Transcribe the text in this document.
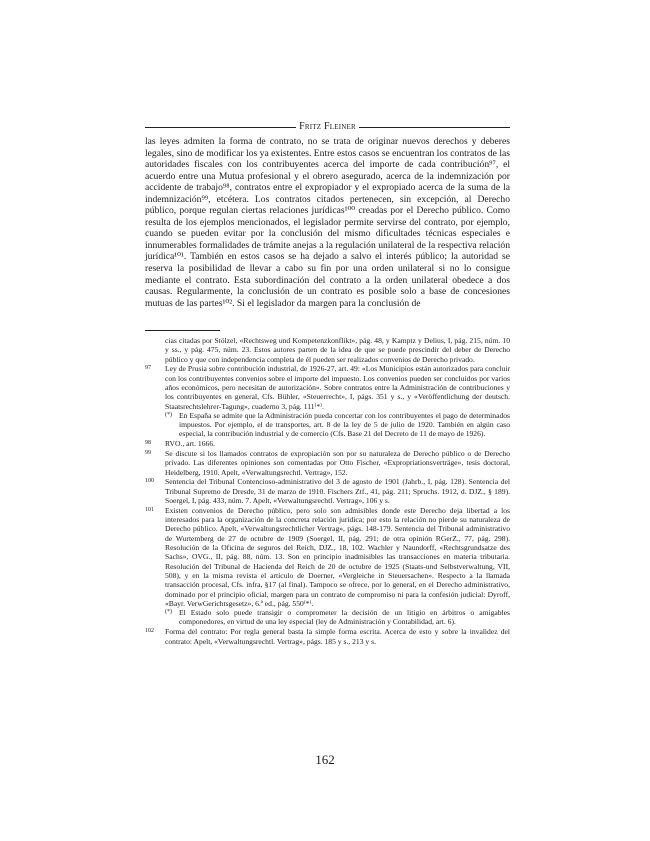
Fritz Fleiner

las leyes admiten la forma de contrato, no se trata de originar nuevos derechos y deberes legales, sino de modificar los ya existentes. Entre estos casos se encuentran los contratos de las autoridades fiscales con los contribuyentes acerca del importe de cada contribución⁹⁷, el acuerdo entre una Mutua profesional y el obrero asegurado, acerca de la indemnización por accidente de trabajo⁹⁸, contratos entre el expropiador y el expropiado acerca de la suma de la indemnización⁹⁹, etcétera. Los contratos citados pertenecen, sin excepción, al Derecho público, porque regulan ciertas relaciones jurídicas¹⁰⁰ creadas por el Derecho público. Como resulta de los ejemplos mencionados, el legislador permite servirse del contrato, por ejemplo, cuando se pueden evitar por la conclusión del mismo dificultades técnicas especiales e innumerables formalidades de trámite anejas a la regulación unilateral de la respectiva relación jurídica¹⁰¹. También en estos casos se ha dejado a salvo el interés público; la autoridad se reserva la posibilidad de llevar a cabo su fin por una orden unilateral si no lo consigue mediante el contrato. Esta subordinación del contrato a la orden unilateral obedece a dos causas. Regularmente, la conclusión de un contrato es posible solo a base de concesiones mutuas de las partes¹⁰². Si el legislador da margen para la conclusión de

cias citadas por Stölzel, «Rechtsweg und Kompetenzkonflikt», pág. 48, y Kamptz y Delius, I, pág. 215, núm. 10 y ss., y pág. 475, núm. 23. Estos autores parten de la idea de que se puede prescindir del deber de Derecho público y que con independencia completa de él pueden ser realizados convenios de Derecho privado.
97	Ley de Prusia sobre contribución industrial, de 1926-27, art. 49: «Los Municipios están autorizados para concluir con los contribuyentes convenios sobre el importe del impuesto. Los convenios pueden ser concluidos por varios años económicos, pero necesitan de autorización». Sobre contratos entre la Administración de contribuciones y los contribuyentes en general, Cfs. Bühler, «Steuerrecht», I, págs. 351 y s., y «Veröffentlichung der deutsch. Staatsrechtslehrer-Tagung», cuaderno 3, pág. 111⁽*⁾.
(*) En España se admite que la Administración pueda concertar con los contribuyentes el pago de determinados impuestos. Por ejemplo, el de transportes, art. 8 de la ley de 5 de julio de 1920. También en algún caso especial, la contribución industrial y de comercio (Cfs. Base 21 del Decreto de 11 de mayo de 1926).
98	RVO., art. 1666.
99	Se discute si los llamados contratos de expropiación son por su naturaleza de Derecho público o de Derecho privado. Las diferentes opiniones son comentadas por Otto Fischer, «Expropriationsverträge», tesis doctoral, Heidelberg, 1910. Apelt, «Verwaltungsrechtl. Vertrag», 152.
100	Sentencia del Tribunal Contencioso-administrativo del 3 de agosto de 1901 (Jahrb., I, pág. 128). Sentencia del Tribunal Supremo de Dresde, 31 de marzo de 1910. Fischers Ztf., 41, pág. 211; Spruchs. 1912, d. DJZ., § 189). Soergel, I, pág. 433, núm. 7. Apelt, «Verwaltungsrechtl. Vertrag», 106 y s.
101	Existen convenios de Derecho público, pero solo son admisibles donde este Derecho deja libertad a los interesados para la organización de la concreta relación jurídica; por esto la relación no pierde su naturaleza de Derecho público. Apelt, «Verwaltungsrechtlicher Vertrag», págs. 148-179. Sentencia del Tribunal administrativo de Wurtemberg de 27 de octubre de 1909 (Soergel, II, pág. 291; de otra opinión RGerZ., 77, pág. 298). Resolución de la Oficina de seguros del Reich, DJZ., 18, 102. Wachler y Naundorff, «Rechtsgrundsatze des Sachs», OVG., II, pág. 88, núm. 13. Son en principio inadmisibles las transacciones en materia tributaria. Resolución del Tribunal de Hacienda del Reich de 20 de octubre de 1925 (Staats-und Selbstverwaltung, VII, 508), y en la misma revista el artículo de Doerner, «Vergleiche in Steuersachen». Respecto a la llamada transacción procesal, Cfs. infra, §17 (al final). Tampoco se ofrece, por lo general, en el Derecho administrativo, dominado por el principio oficial, margen para un contrato de compromiso ni para la confesión judicial: Dyroff, «Bayr. VerwGerichtsgesetz», 6.ª ed., pág. 550⁽*⁾.
(*) El Estado solo puede transigir o comprometer la decisión de un litigio en árbitros o amigables componedores, en virtud de una ley especial (ley de Administración y Contabilidad, art. 6).
102	Forma del contrato: Por regla general basta la simple forma escrita. Acerca de esto y sobre la invalidez del contrato: Apelt, «Verwaltungsrechtl. Vertrag», págs. 185 y s., 213 y s.
162
